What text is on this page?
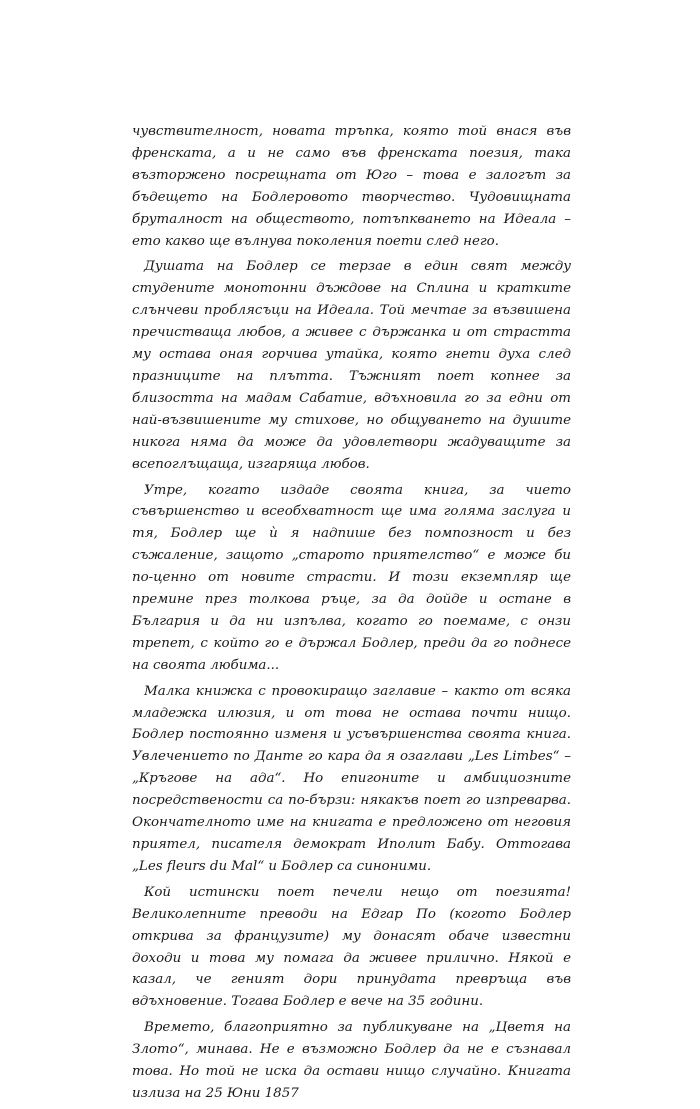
чувствителност, новата тръпка, която той внася във френската, а и не само във френската поезия, така възторжено посрещната от Юго – това е залогът за бъдещето на Бодлеровото творчество. Чудовищната бруталност на обществото, потъпкването на Идеала – ето какво ще вълнува поколения поети след него.

Душата на Бодлер се терзае в един свят между студените монотонни дъждове на Сплина и кратките слънчеви проблясъци на Идеала. Той мечтае за възвишена пречистваща любов, а живее с държанка и от страстта му остава оная горчива утайка, която гнети духа след празниците на плътта. Тъжният поет копнее за близостта на мадам Сабатие, вдъхновила го за едни от най-възвишените му стихове, но общуването на душите никога няма да може да удовлетвори жадуващите за всепоглъщаща, изгаряща любов.

Утре, когато издаде своята книга, за чието съвършенство и всеобхватност ще има голяма заслуга и тя, Бодлер ще ѝ я надпише без помпозност и без съжаление, защото „старото приятелство“ е може би по-ценно от новите страсти. И този екземпляр ще премине през толкова ръце, за да дойде и остане в България и да ни изпълва, когато го поемаме, с онзи трепет, с който го е държал Бодлер, преди да го поднесе на своята любима...

Малка книжка с провокиращо заглавие – както от всяка младежка илюзия, и от това не остава почти нищо. Бодлер постоянно изменя и усъвършенства своята книга. Увлечението по Данте го кара да я озаглави „Les Limbes“ – „Кръгове на ада“. Но епигоните и амбициозните посредствености са по-бързи: някакъв поет го изпреварва. Окончателното име на книгата е предложено от неговия приятел, писателя демократ Иполит Бабу. Оттогава „Les fleurs du Mal“ и Бодлер са синоними.

Кой истински поет печели нещо от поезията! Великолепните преводи на Едгар По (когото Бодлер открива за французите) му донасят обаче известни доходи и това му помага да живее прилично. Някой е казал, че геният дори принудата превръща във вдъхновение. Тогава Бодлер е вече на 35 години.

Времето, благоприятно за публикуване на „Цветя на Злото“, минава. Не е възможно Бодлер да не е съзнавал това. Но той не иска да остави нищо случайно. Книгата излиза на 25 Юни 1857
